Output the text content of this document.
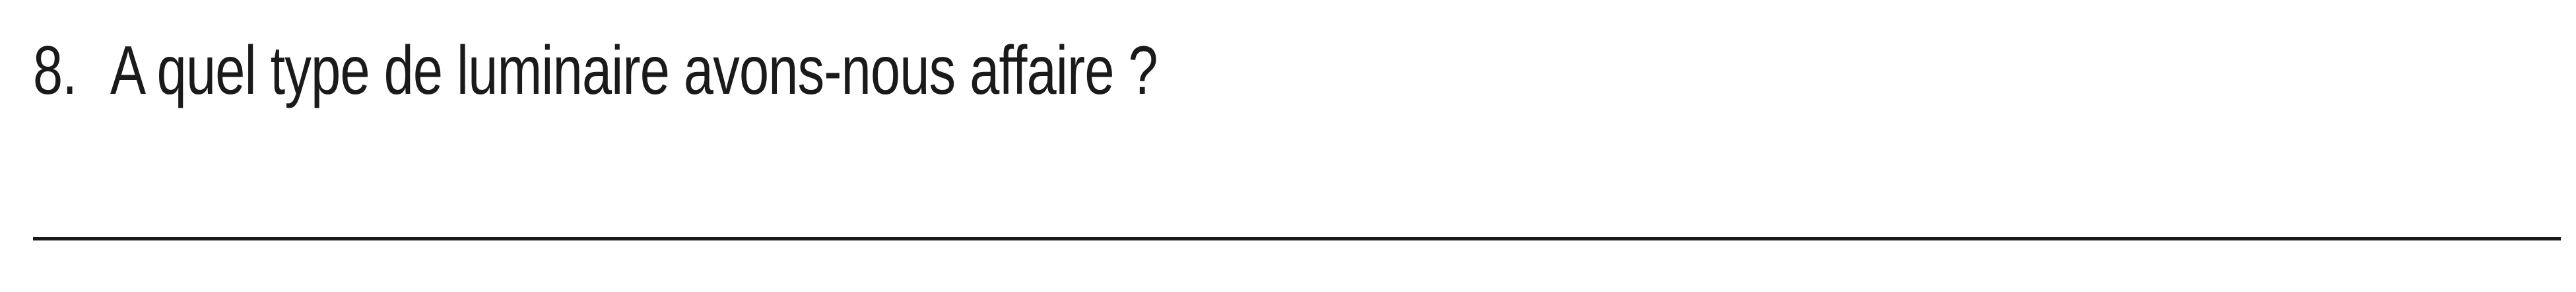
8. A quel type de luminaire avons-nous affaire ?
